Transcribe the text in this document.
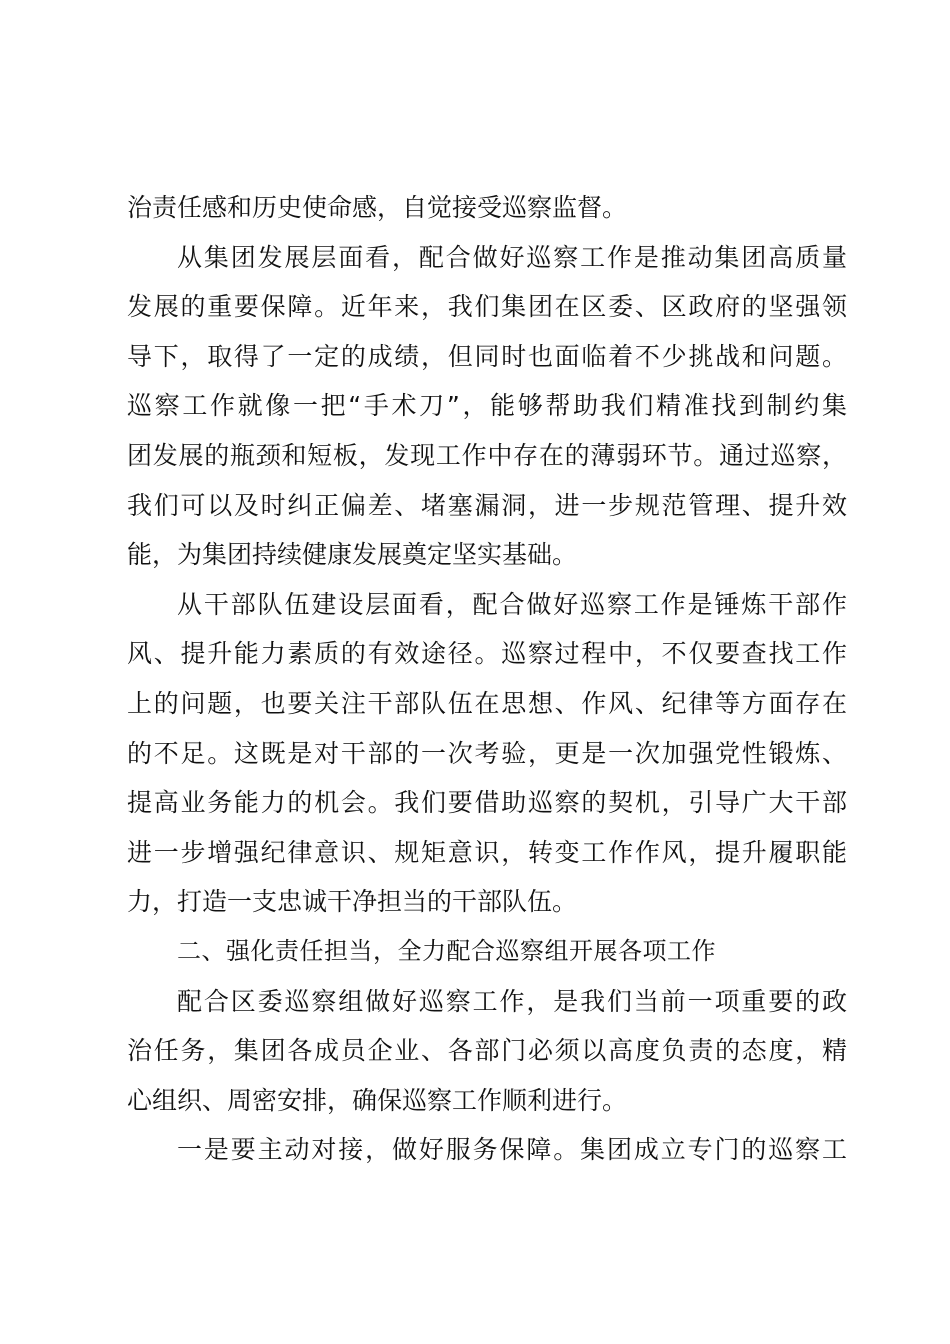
治责任感和历史使命感，自觉接受巡察监督。
从集团发展层面看，配合做好巡察工作是推动集团高质量
发展的重要保障。近年来，我们集团在区委、区政府的坚强领
导下，取得了一定的成绩，但同时也面临着不少挑战和问题。
巡察工作就像一把“手术刀”，能够帮助我们精准找到制约集
团发展的瓶颈和短板，发现工作中存在的薄弱环节。通过巡察，
我们可以及时纠正偏差、堵塞漏洞，进一步规范管理、提升效
能，为集团持续健康发展奠定坚实基础。
从干部队伍建设层面看，配合做好巡察工作是锤炼干部作
风、提升能力素质的有效途径。巡察过程中，不仅要查找工作
上的问题，也要关注干部队伍在思想、作风、纪律等方面存在
的不足。这既是对干部的一次考验，更是一次加强党性锻炼、
提高业务能力的机会。我们要借助巡察的契机，引导广大干部
进一步增强纪律意识、规矩意识，转变工作作风，提升履职能
力，打造一支忠诚干净担当的干部队伍。
二、强化责任担当，全力配合巡察组开展各项工作
配合区委巡察组做好巡察工作，是我们当前一项重要的政
治任务，集团各成员企业、各部门必须以高度负责的态度，精
心组织、周密安排，确保巡察工作顺利进行。
一是要主动对接，做好服务保障。集团成立专门的巡察工
